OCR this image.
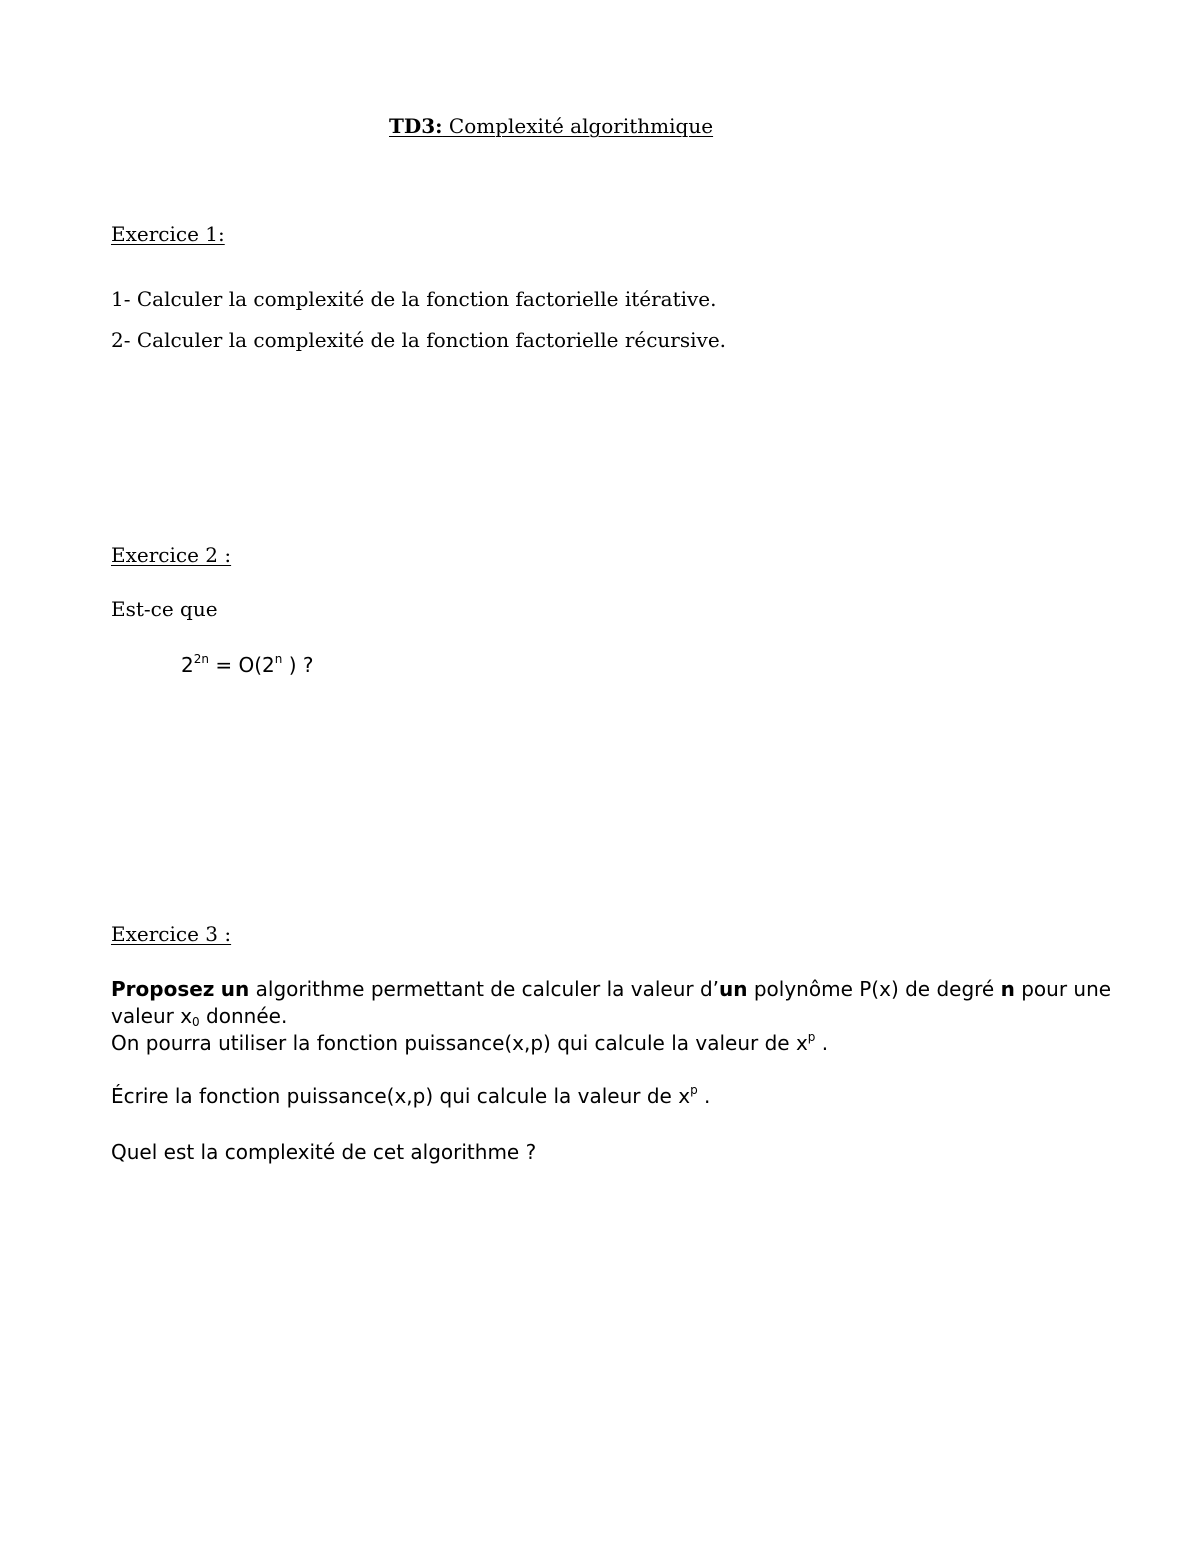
TD3: Complexité algorithmique
Exercice 1:
1- Calculer la complexité de la fonction factorielle itérative.
2- Calculer la complexité de la fonction factorielle récursive.
Exercice 2 :
Est-ce que
$2^{2n} = O(2^n$ ) ?
Exercice 3 :
Proposez un algorithme permettant de calculer la valeur d’un polynôme P(x) de degré n pour une
valeur $x_0$ donnée.
On pourra utiliser la fonction puissance(x,p) qui calcule la valeur de $x^p$ .
Écrire la fonction puissance(x,p) qui calcule la valeur de $x^p$ .
Quel est la complexité de cet algorithme ?
